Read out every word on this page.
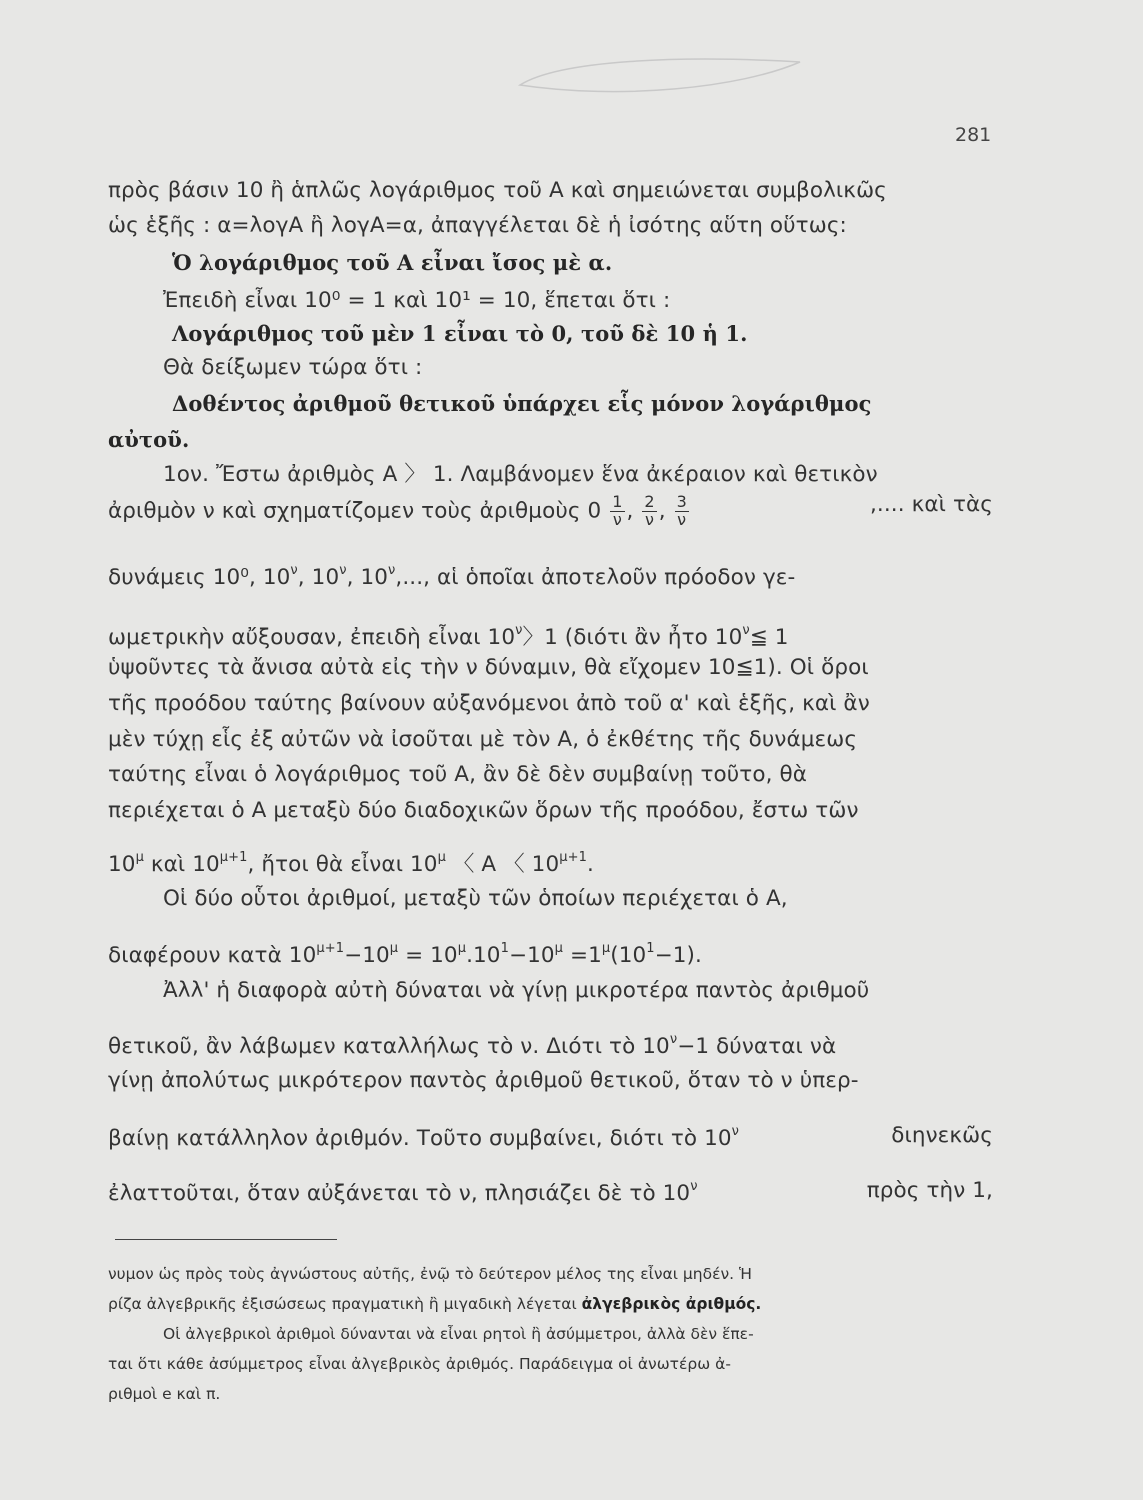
281
πρὸς βάσιν 10 ἢ ἁπλῶς λογάριθμος τοῦ Α καὶ σημειώνεται συμβολικῶς
ὡς ἑξῆς : α=λογΑ ἢ λογΑ=α, ἀπαγγέλεται δὲ ἡ ἰσότης αὕτη οὕτως:
Ὁ λογάριθμος τοῦ Α εἶναι ἴσος μὲ α.
Ἐπειδὴ εἶναι 10⁰ = 1 καὶ 10¹ = 10, ἕπεται ὅτι :
Λογάριθμος τοῦ μὲν 1 εἶναι τὸ 0, τοῦ δὲ 10 ἡ 1.
Θὰ δείξωμεν τώρα ὅτι :
Δοθέντος ἀριθμοῦ θετικοῦ ὑπάρχει εἷς μόνον λογάριθμος
αὐτοῦ.
1ον. Ἔστω ἀριθμὸς Α 〉 1. Λαμβάνομεν ἕνα ἀκέραιον καὶ θετικὸν
ἀριθμὸν ν καὶ σχηματίζομεν τοὺς ἀριθμοὺς $0 \frac{1}{\nu}$ , $\frac{2}{\nu}$ , $\frac{3}{\nu}$	,.... καὶ τὰς
δυνάμεις 10⁰, $10^\nu$, $10^\nu$, $10^\nu$,..., αἱ ὁποῖαι ἀποτελοῦν πρόοδον γε-
ωμετρικὴν αὔξουσαν, ἐπειδὴ εἶναι $10^\nu$〉1 (διότι ἂν ἦτο $10^\nu≦$ 1
ὑψοῦντες τὰ ἄνισα αὐτὰ εἰς τὴν ν δύναμιν, θὰ εἴχομεν 10≦1). Οἱ ὅροι
τῆς προόδου ταύτης βαίνουν αὐξανόμενοι ἀπὸ τοῦ α' καὶ ἑξῆς, καὶ ἂν
μὲν τύχῃ εἷς ἐξ αὐτῶν νὰ ἰσοῦται μὲ τὸν Α, ὁ ἐκθέτης τῆς δυνάμεως
ταύτης εἶναι ὁ λογάριθμος τοῦ Α, ἂν δὲ δὲν συμβαίνῃ τοῦτο, θὰ
περιέχεται ὁ Α μεταξὺ δύο διαδοχικῶν ὅρων τῆς προόδου, ἔστω τῶν
$10^\mu$ καὶ $10^{\mu+1}$, ἤτοι θὰ εἶναι $10^\mu$ 〈 Α 〈 $10^{\mu+1}$.
Οἱ δύο οὗτοι ἀριθμοί, μεταξὺ τῶν ὁποίων περιέχεται ὁ Α,
διαφέρουν κατὰ $10^{\mu+1}-10^\mu = 10^\mu.10^1-10^\mu =1^\mu(10^1-1)$.
Ἀλλ' ἡ διαφορὰ αὐτὴ δύναται νὰ γίνῃ μικροτέρα παντὸς ἀριθμοῦ
θετικοῦ, ἂν λάβωμεν καταλλήλως τὸ ν. Διότι τὸ $10^\nu-1$ δύναται νὰ
γίνῃ ἀπολύτως μικρότερον παντὸς ἀριθμοῦ θετικοῦ, ὅταν τὸ ν ὑπερ-
βαίνῃ κατάλληλον ἀριθμόν. Τοῦτο συμβαίνει, διότι τὸ $10^\nu$	διηνεκῶς
ἐλαττοῦται, ὅταν αὐξάνεται τὸ ν, πλησιάζει δὲ τὸ $10^\nu$	πρὸς τὴν 1,
νυμον ὡς πρὸς τοὺς ἀγνώστους αὐτῆς, ἐνῷ τὸ δεύτερον μέλος της εἶναι μηδέν. Ἡ
ρίζα ἀλγεβρικῆς ἐξισώσεως πραγματικὴ ἢ μιγαδικὴ λέγεται ἀλγεβρικὸς ἀριθμός.
Οἱ ἀλγεβρικοὶ ἀριθμοὶ δύνανται νὰ εἶναι ρητοὶ ἢ ἀσύμμετροι, ἀλλὰ δὲν ἕπε-
ται ὅτι κάθε ἀσύμμετρος εἶναι ἀλγεβρικὸς ἀριθμός. Παράδειγμα οἱ ἀνωτέρω ἀ-
ριθμοὶ e καὶ π.
